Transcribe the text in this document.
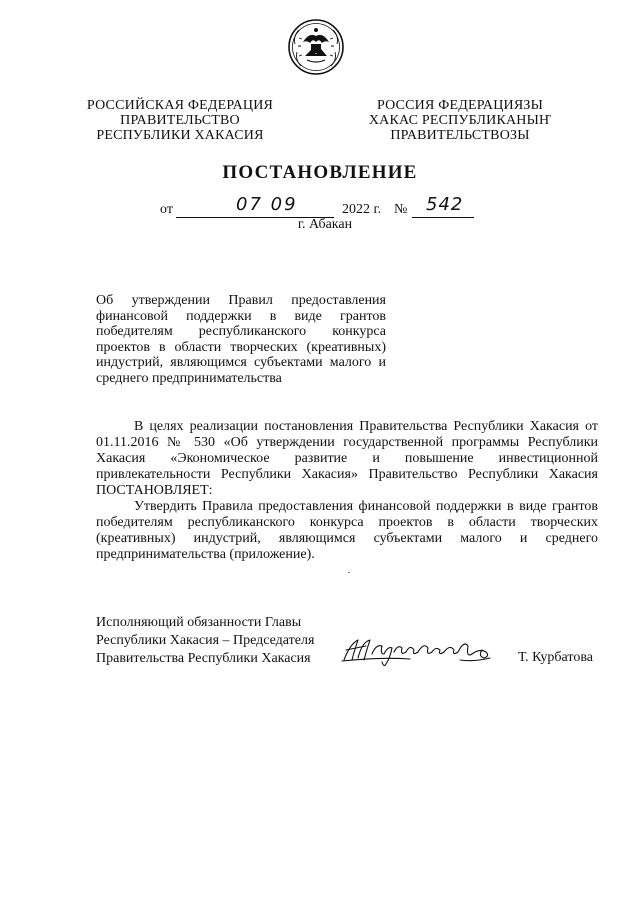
РОССИЙСКАЯ ФЕДЕРАЦИЯ
ПРАВИТЕЛЬСТВО
РЕСПУБЛИКИ ХАКАСИЯ
РОССИЯ ФЕДЕРАЦИЯЗЫ
ХАКАС РЕСПУБЛИКАНЫҤ
ПРАВИТЕЛЬСТВОЗЫ
ПОСТАНОВЛЕНИЕ
от	07 09	2022 г. № 542
г. Абакан
Об утверждении Правил предоставления финансовой поддержки в виде грантов победителям республиканского конкурса проектов в области творческих (креативных) индустрий, являющимся субъектами малого и среднего предпринимательства

В целях реализации постановления Правительства Республики Хакасия от 01.11.2016 № 530 «Об утверждении государственной программы Республики Хакасия «Экономическое развитие и повышение инвестиционной привлекательности Республики Хакасия» Правительство Республики Хакасия ПОСТАНОВЛЯЕТ:

Утвердить Правила предоставления финансовой поддержки в виде грантов победителям республиканского конкурса проектов в области творческих (креативных) индустрий, являющимся субъектами малого и среднего предпринимательства (приложение).

Исполняющий обязанности Главы
Республики Хакасия – Председателя
Правительства Республики Хакасия	Т. Курбатова
